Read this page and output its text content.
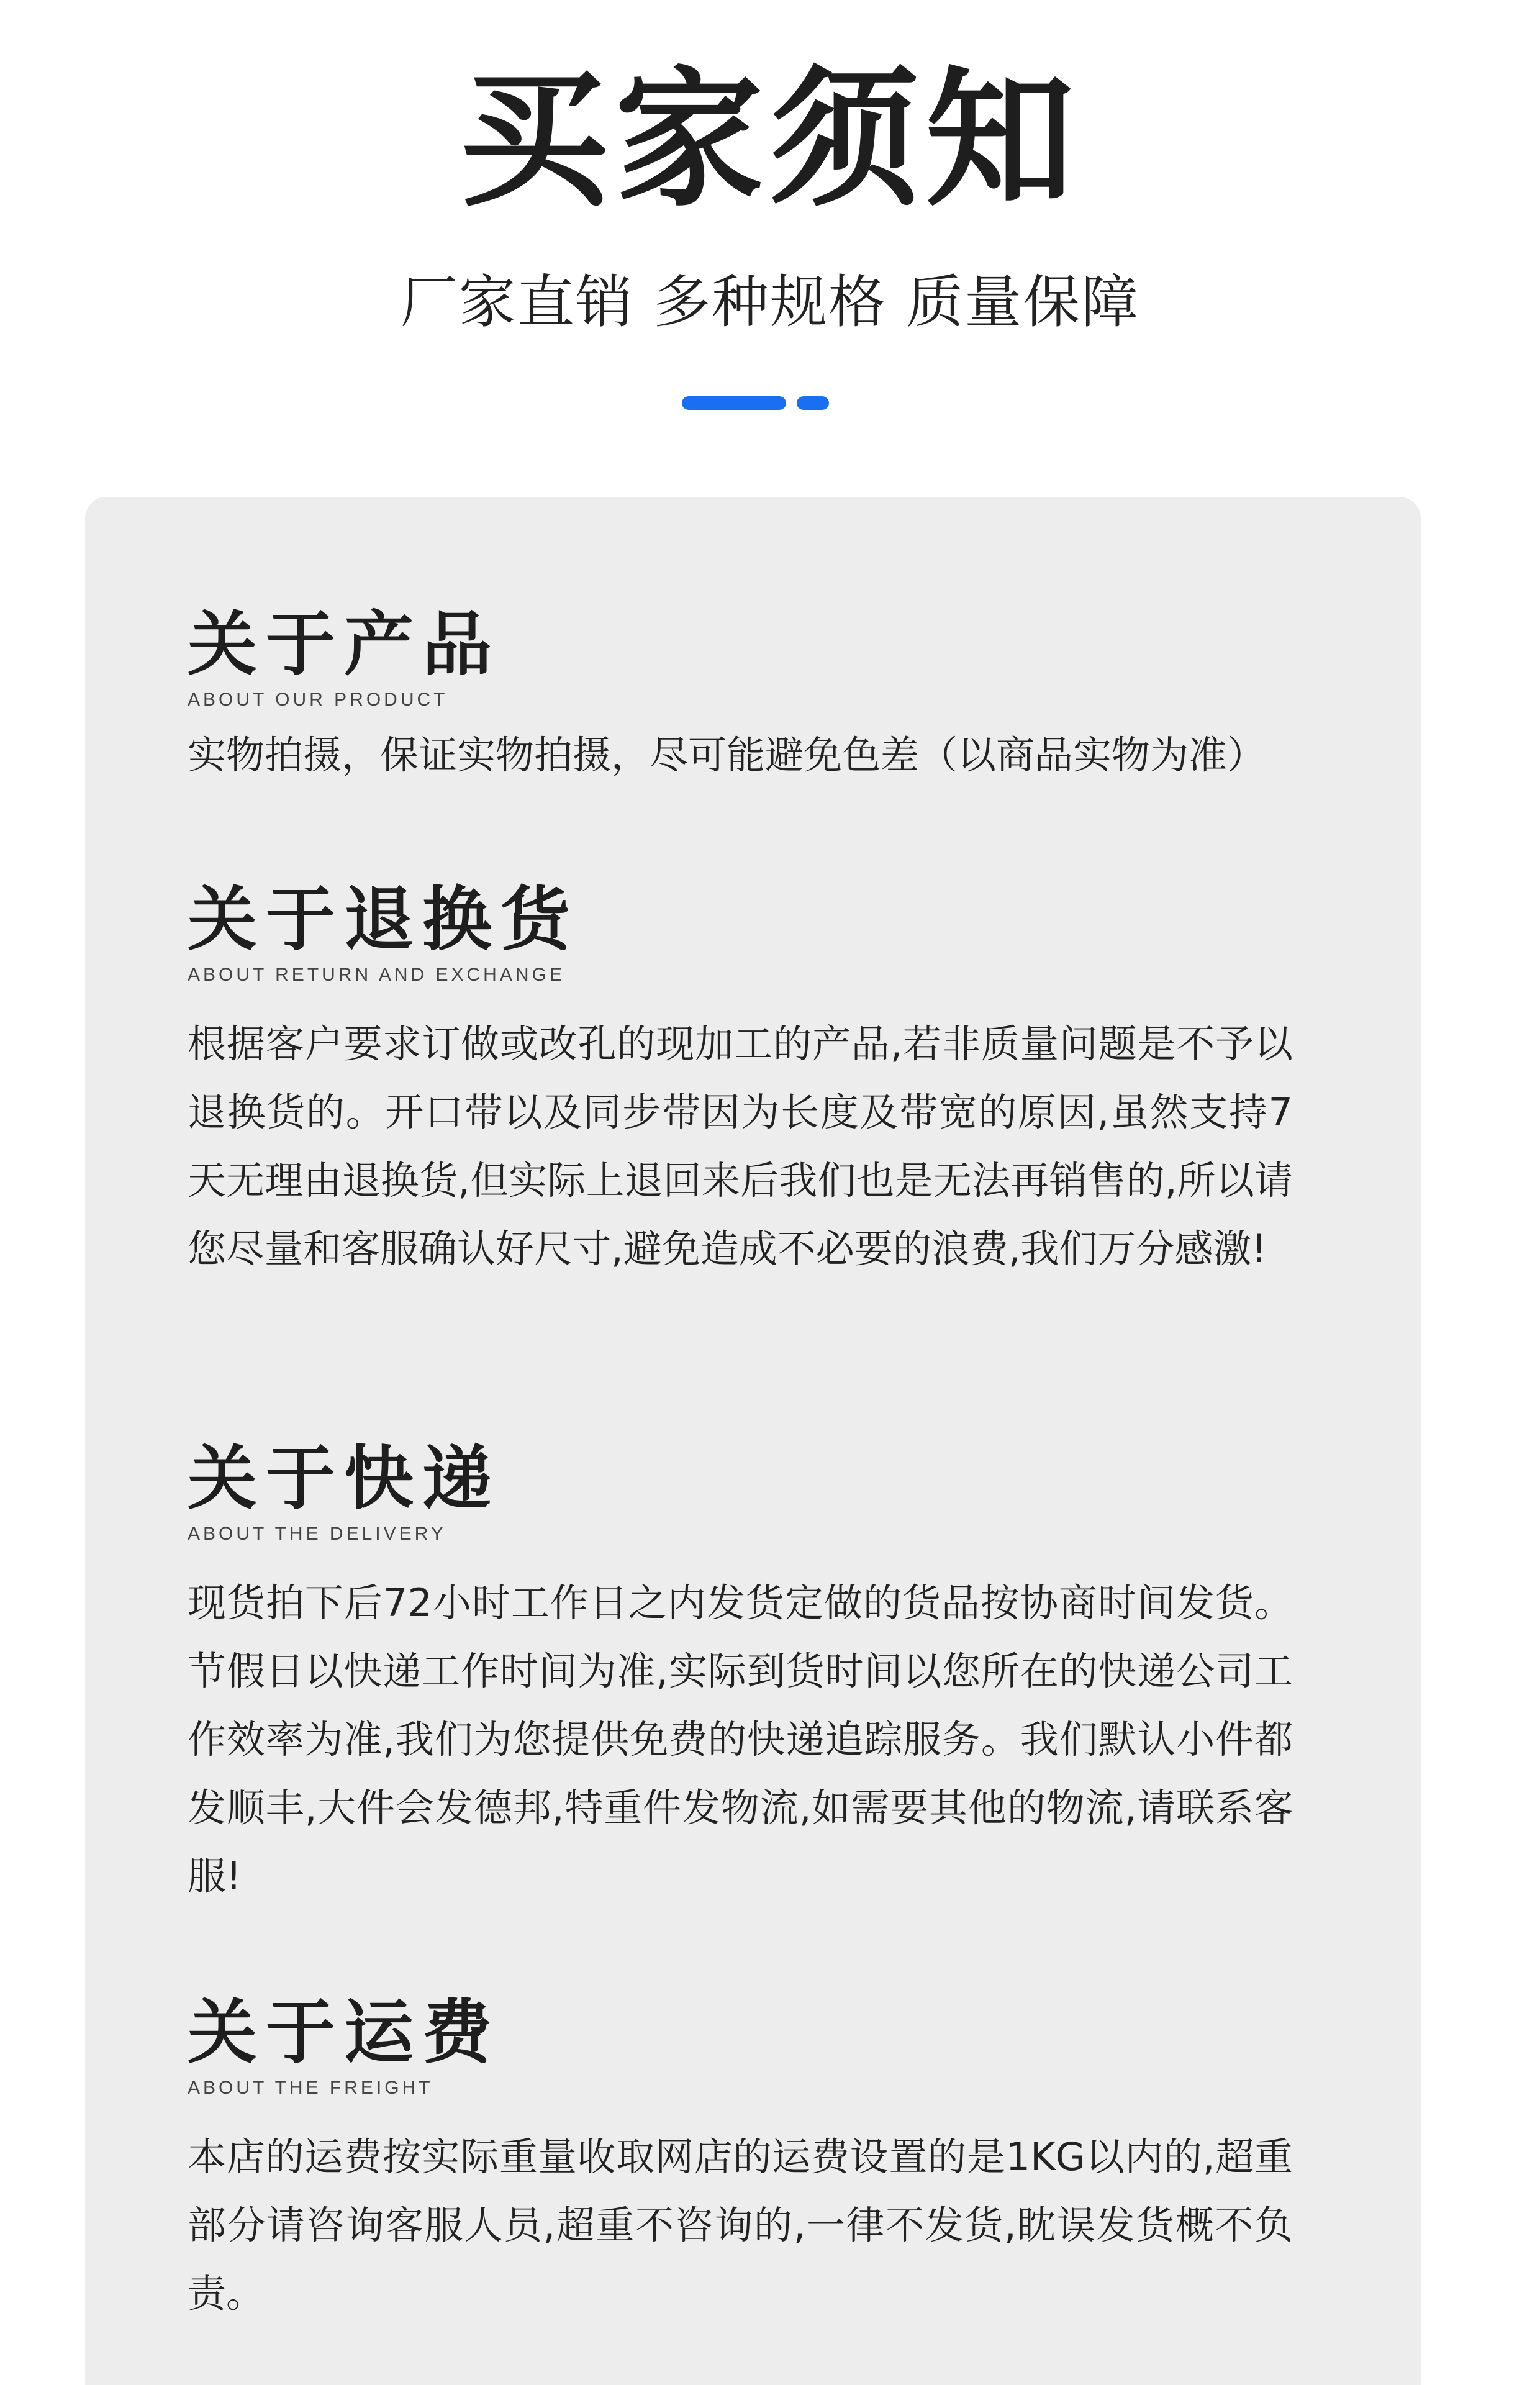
买家须知
厂家直销 多种规格 质量保障
关于产品
ABOUT OUR PRODUCT
实物拍摄，保证实物拍摄，尽可能避免色差（以商品实物为准）
关于退换货
ABOUT RETURN AND EXCHANGE
根据客户要求订做或改孔的现加工的产品,若非质量问题是不予以退换货的。开口带以及同步带因为长度及带宽的原因,虽然支持7天无理由退换货,但实际上退回来后我们也是无法再销售的,所以请您尽量和客服确认好尺寸,避免造成不必要的浪费,我们万分感激!
关于快递
ABOUT THE DELIVERY
现货拍下后72小时工作日之内发货定做的货品按协商时间发货。节假日以快递工作时间为准,实际到货时间以您所在的快递公司工作效率为准,我们为您提供免费的快递追踪服务。我们默认小件都发顺丰,大件会发德邦,特重件发物流,如需要其他的物流,请联系客服!
关于运费
ABOUT THE FREIGHT
本店的运费按实际重量收取网店的运费设置的是1KG以内的,超重部分请咨询客服人员,超重不咨询的,一律不发货,眈误发货概不负责。
